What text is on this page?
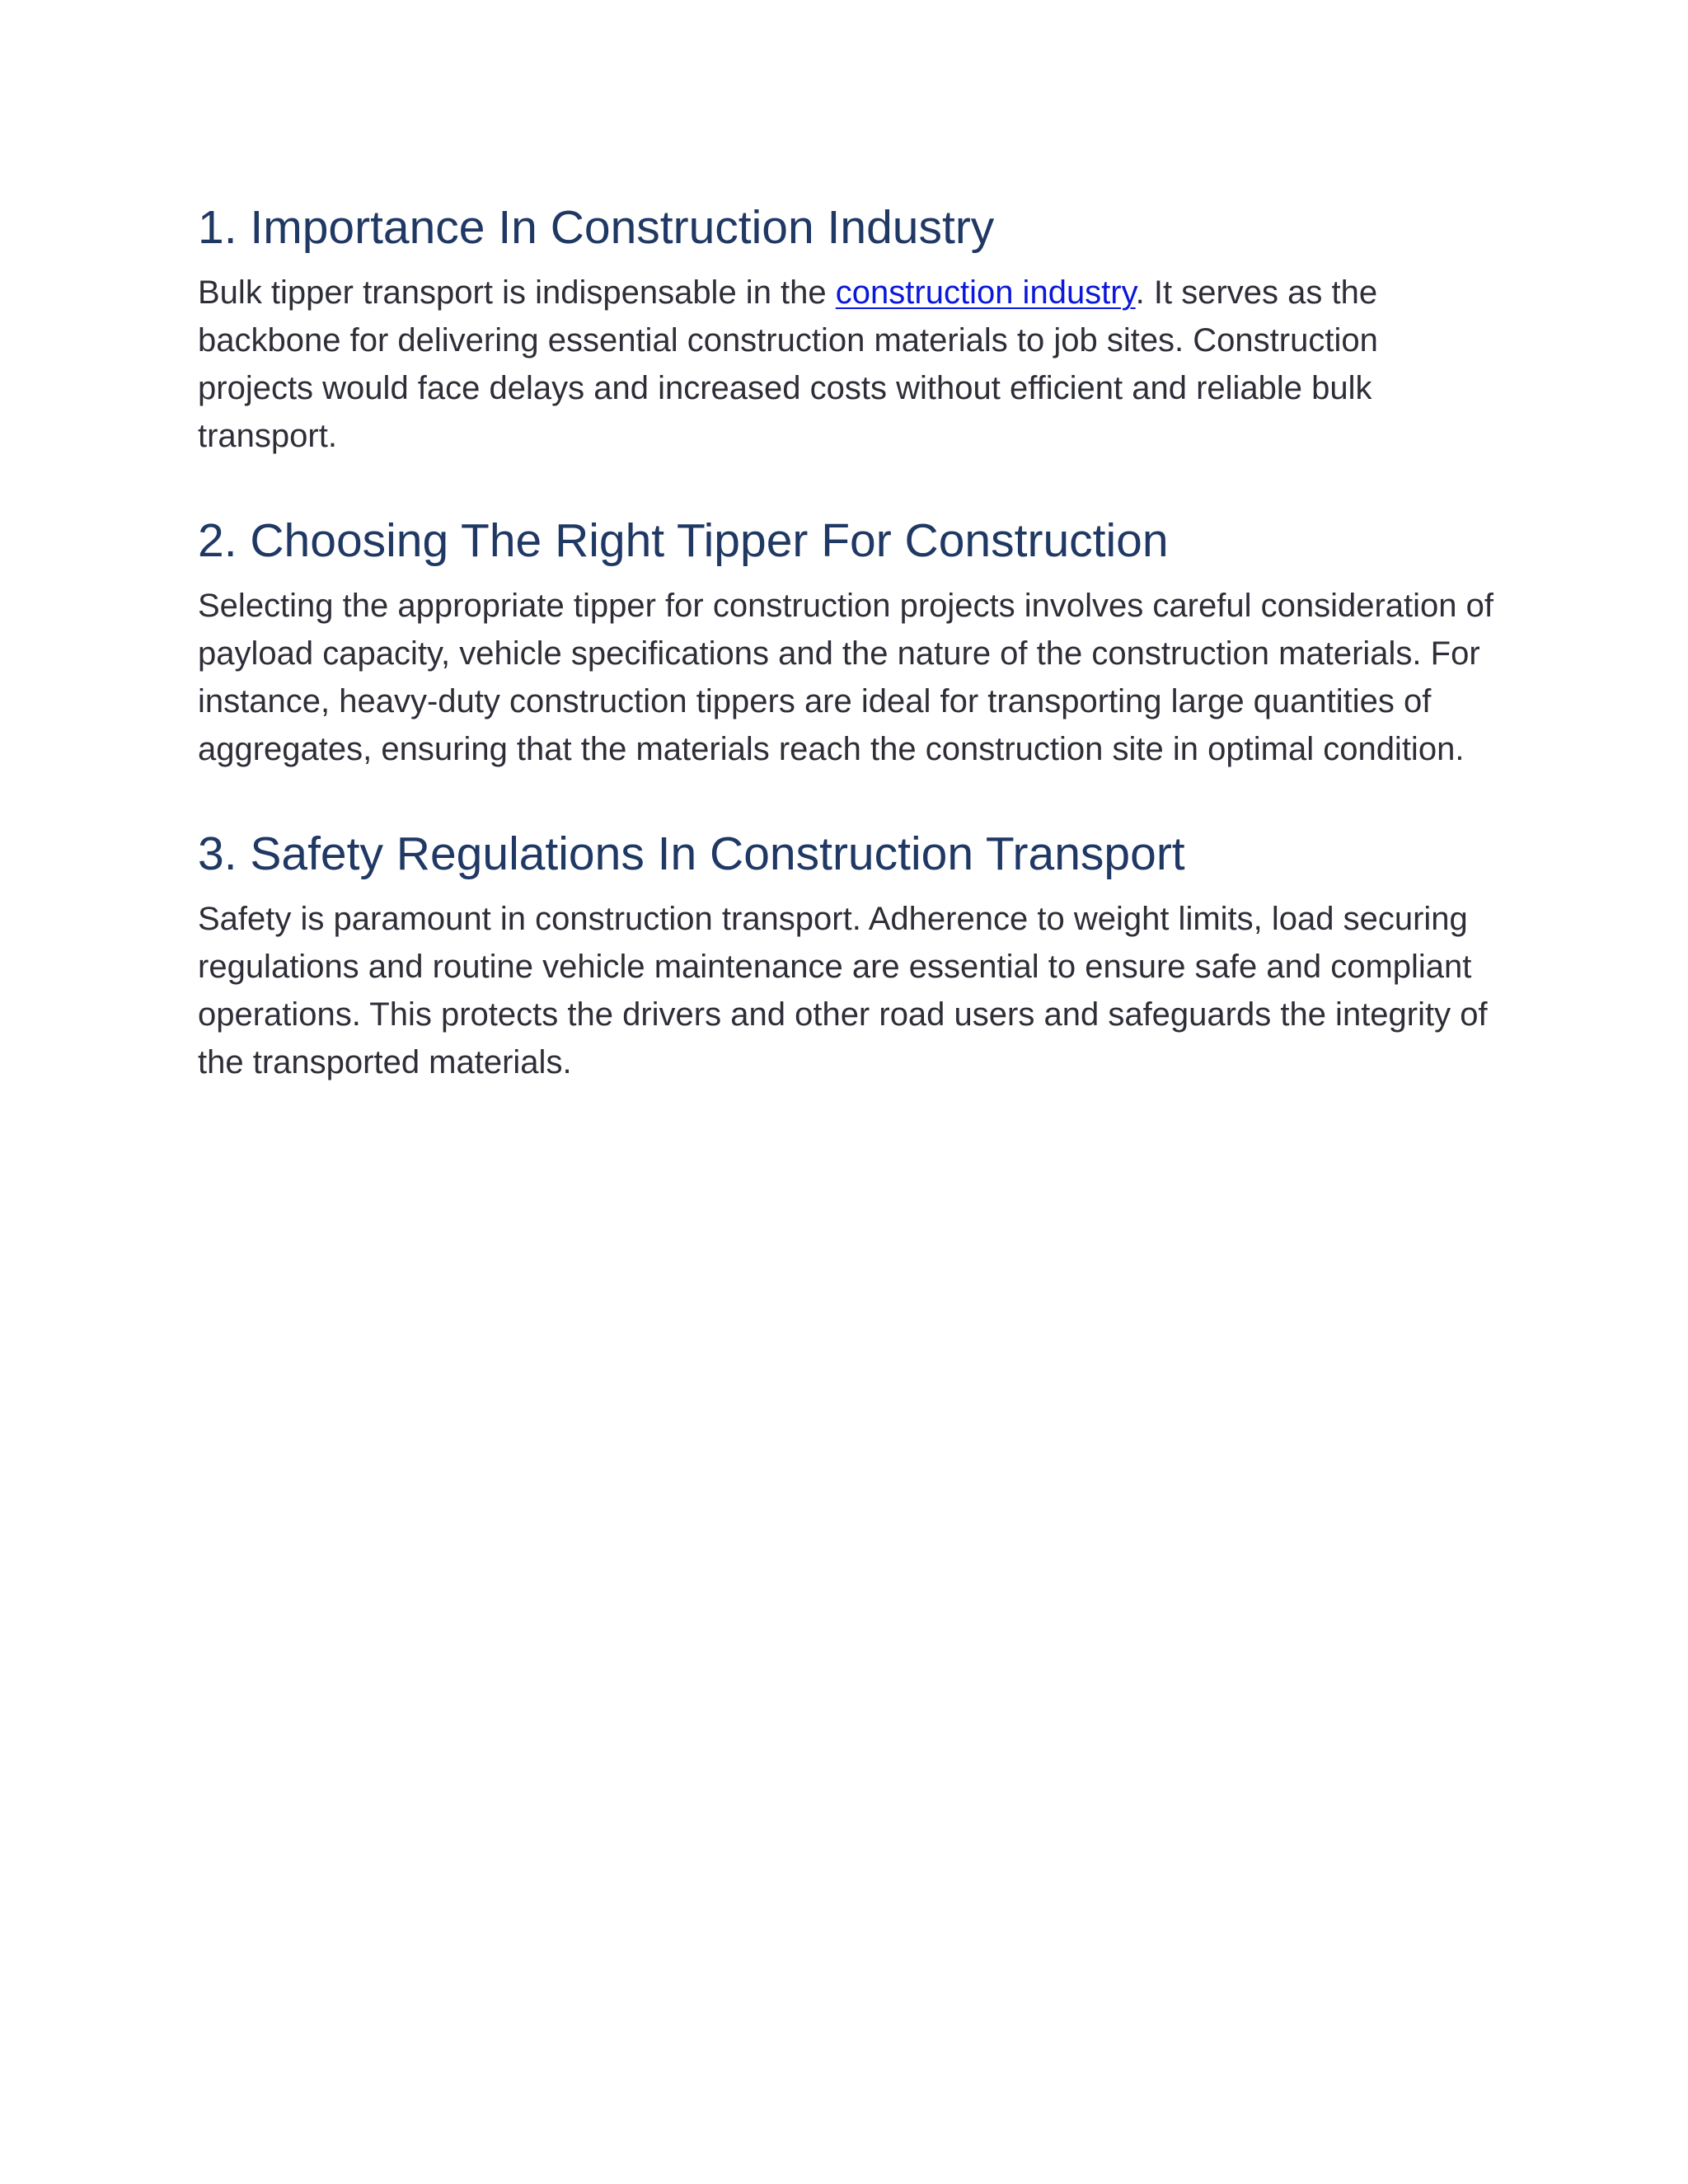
1. Importance In Construction Industry

Bulk tipper transport is indispensable in the construction industry. It serves as the backbone for delivering essential construction materials to job sites. Construction projects would face delays and increased costs without efficient and reliable bulk transport.

2. Choosing The Right Tipper For Construction

Selecting the appropriate tipper for construction projects involves careful consideration of payload capacity, vehicle specifications and the nature of the construction materials. For instance, heavy-duty construction tippers are ideal for transporting large quantities of aggregates, ensuring that the materials reach the construction site in optimal condition.

3. Safety Regulations In Construction Transport

Safety is paramount in construction transport. Adherence to weight limits, load securing regulations and routine vehicle maintenance are essential to ensure safe and compliant operations. This protects the drivers and other road users and safeguards the integrity of the transported materials.
